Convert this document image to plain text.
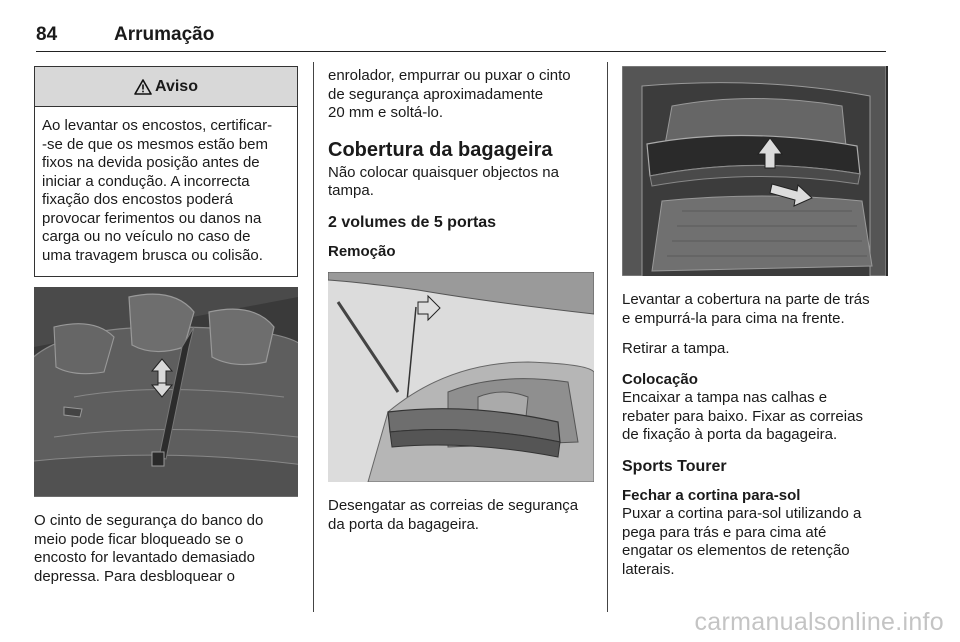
84	Arrumação
Aviso
Ao levantar os encostos, certificar-
-se de que os mesmos estão bem
fixos na devida posição antes de
iniciar a condução. A incorrecta
fixação dos encostos poderá
provocar ferimentos ou danos na
carga ou no veículo no caso de
uma travagem brusca ou colisão.

O cinto de segurança do banco do

meio pode ficar bloqueado se o

encosto for levantado demasiado

depressa. Para desbloquear o

enrolador, empurrar ou puxar o cinto

de segurança aproximadamente

20 mm e soltá-lo.

Cobertura da bagageira

Não colocar quaisquer objectos na

tampa.

2 volumes de 5 portas
Remoção

Desengatar as correias de segurança

da porta da bagageira.

Levantar a cobertura na parte de trás

e empurrá-la para cima na frente.

Retirar a tampa.

Colocação

Encaixar a tampa nas calhas e

rebater para baixo. Fixar as correias

de fixação à porta da bagageira.

Sports Tourer
Fechar a cortina para-sol

Puxar a cortina para-sol utilizando a

pega para trás e para cima até

engatar os elementos de retenção

laterais.

carmanualsonline.info
